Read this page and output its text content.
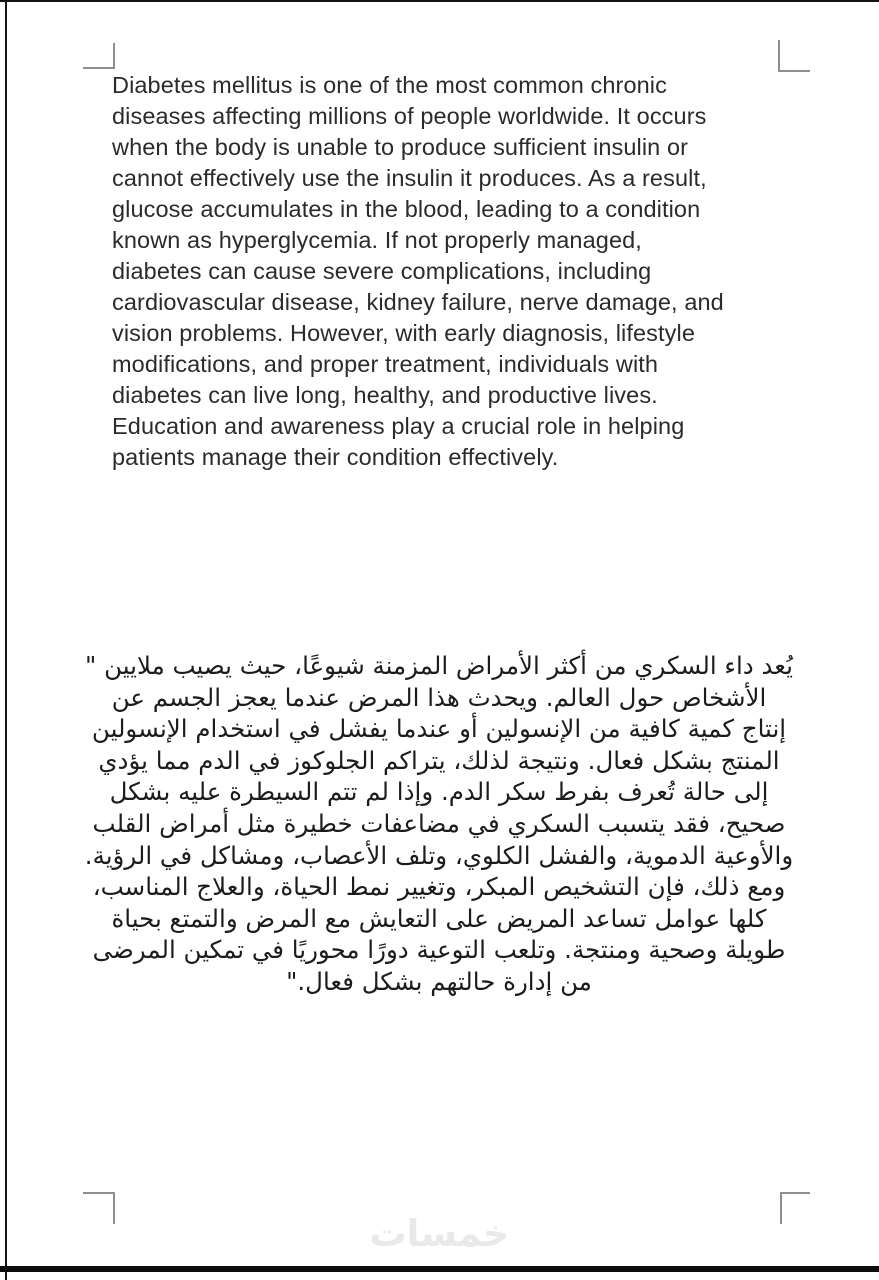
Diabetes mellitus is one of the most common chronic
diseases affecting millions of people worldwide. It occurs
when the body is unable to produce sufficient insulin or
cannot effectively use the insulin it produces. As a result,
glucose accumulates in the blood, leading to a condition
known as hyperglycemia. If not properly managed,
diabetes can cause severe complications, including
cardiovascular disease, kidney failure, nerve damage, and
vision problems. However, with early diagnosis, lifestyle
modifications, and proper treatment, individuals with
diabetes can live long, healthy, and productive lives.
Education and awareness play a crucial role in helping
patients manage their condition effectively.
يُعد داء السكري من أكثر الأمراض المزمنة شيوعًا، حيث يصيب ملايين "
الأشخاص حول العالم. ويحدث هذا المرض عندما يعجز الجسم عن
إنتاج كمية كافية من الإنسولين أو عندما يفشل في استخدام الإنسولين
المنتج بشكل فعال. ونتيجة لذلك، يتراكم الجلوكوز في الدم مما يؤدي
إلى حالة تُعرف بفرط سكر الدم. وإذا لم تتم السيطرة عليه بشكل
صحيح، فقد يتسبب السكري في مضاعفات خطيرة مثل أمراض القلب
والأوعية الدموية، والفشل الكلوي، وتلف الأعصاب، ومشاكل في الرؤية.
ومع ذلك، فإن التشخيص المبكر، وتغيير نمط الحياة، والعلاج المناسب،
كلها عوامل تساعد المريض على التعايش مع المرض والتمتع بحياة
طويلة وصحية ومنتجة. وتلعب التوعية دورًا محوريًا في تمكين المرضى
من إدارة حالتهم بشكل فعال."
خمسات
